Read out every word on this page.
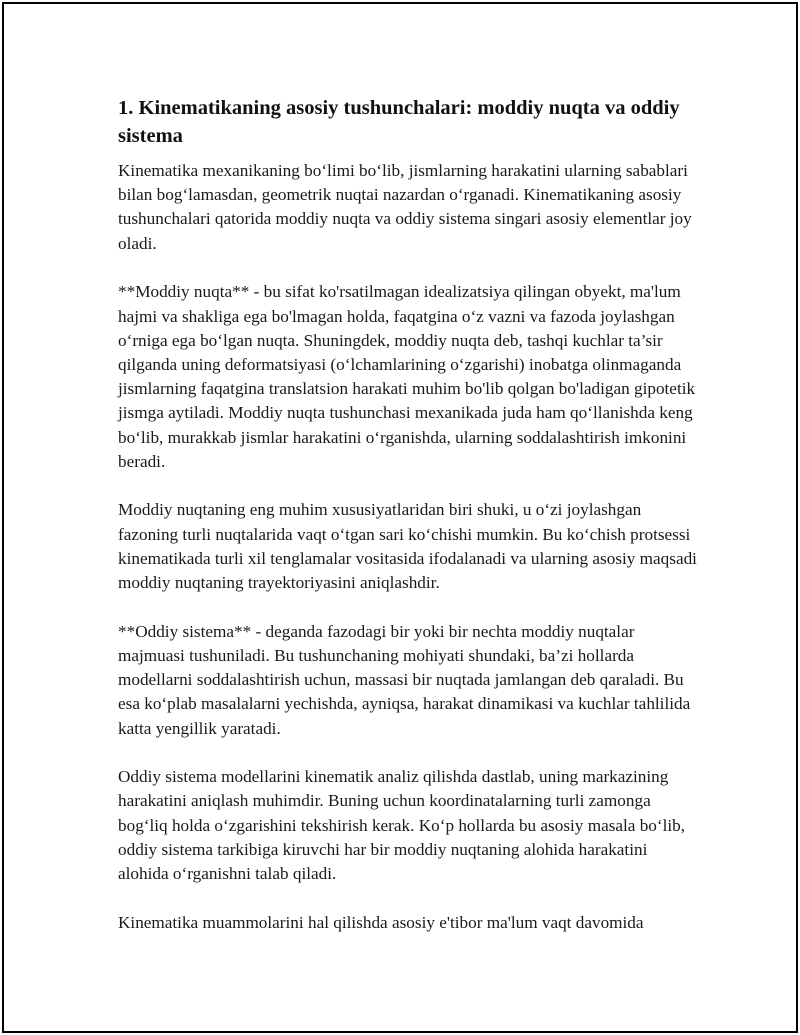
1. Kinematikaning asosiy tushunchalari: moddiy nuqta va oddiy sistema

Kinematika mexanikaning bo‘limi bo‘lib, jismlarning harakatini ularning sabablari bilan bog‘lamasdan, geometrik nuqtai nazardan o‘rganadi. Kinematikaning asosiy tushunchalari qatorida moddiy nuqta va oddiy sistema singari asosiy elementlar joy oladi.

**Moddiy nuqta** - bu sifat ko'rsatilmagan idealizatsiya qilingan obyekt, ma'lum hajmi va shakliga ega bo'lmagan holda, faqatgina o‘z vazni va fazoda joylashgan o‘rniga ega bo‘lgan nuqta. Shuningdek, moddiy nuqta deb, tashqi kuchlar ta’sir qilganda uning deformatsiyasi (o‘lchamlarining o‘zgarishi) inobatga olinmaganda jismlarning faqatgina translatsion harakati muhim bo'lib qolgan bo'ladigan gipotetik jismga aytiladi. Moddiy nuqta tushunchasi mexanikada juda ham qo‘llanishda keng bo‘lib, murakkab jismlar harakatini o‘rganishda, ularning soddalashtirish imkonini beradi.

Moddiy nuqtaning eng muhim xususiyatlaridan biri shuki, u o‘zi joylashgan fazoning turli nuqtalarida vaqt o‘tgan sari ko‘chishi mumkin. Bu ko‘chish protsessi kinematikada turli xil tenglamalar vositasida ifodalanadi va ularning asosiy maqsadi moddiy nuqtaning trayektoriyasini aniqlashdir.

**Oddiy sistema** - deganda fazodagi bir yoki bir nechta moddiy nuqtalar majmuasi tushuniladi. Bu tushunchaning mohiyati shundaki, ba’zi hollarda modellarni soddalashtirish uchun, massasi bir nuqtada jamlangan deb qaraladi. Bu esa ko‘plab masalalarni yechishda, ayniqsa, harakat dinamikasi va kuchlar tahlilida katta yengillik yaratadi.

Oddiy sistema modellarini kinematik analiz qilishda dastlab, uning markazining harakatini aniqlash muhimdir. Buning uchun koordinatalarning turli zamonga bog‘liq holda o‘zgarishini tekshirish kerak. Ko‘p hollarda bu asosiy masala bo‘lib, oddiy sistema tarkibiga kiruvchi har bir moddiy nuqtaning alohida harakatini alohida o‘rganishni talab qiladi.

Kinematika muammolarini hal qilishda asosiy e'tibor ma'lum vaqt davomida
